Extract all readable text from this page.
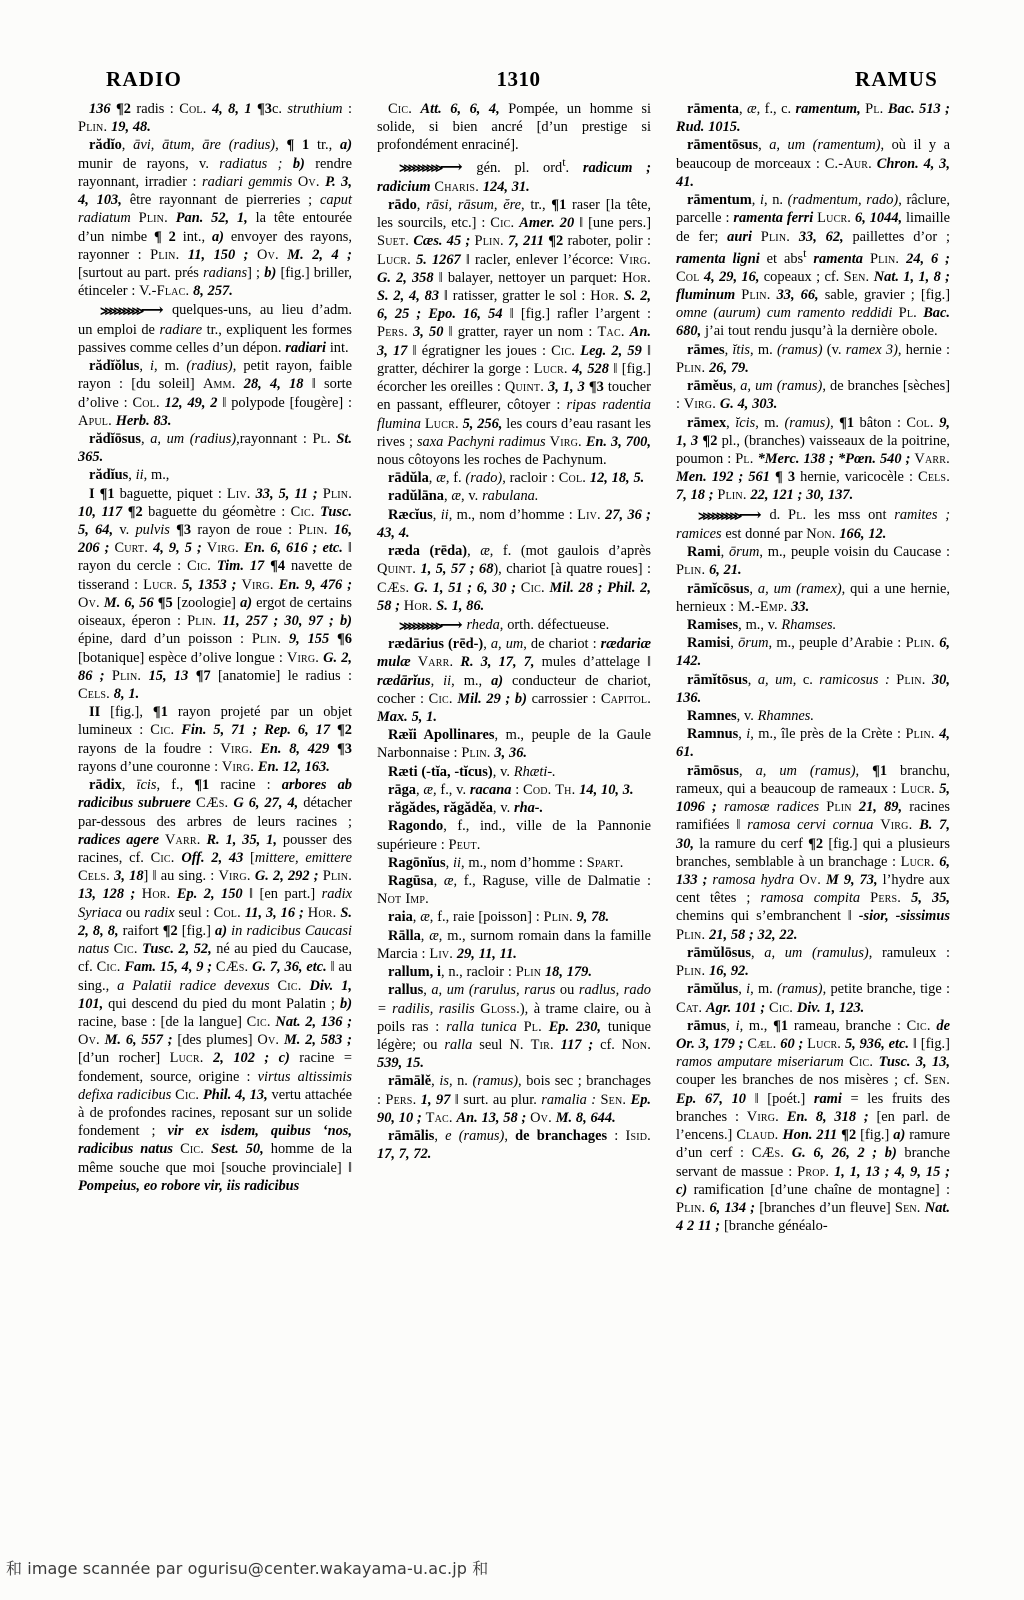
RADIO	1310	RAMUS

136 ¶2 radis : Col. 4, 8, 1 ¶3c. struthium : Plin. 19, 48.

rădĭo, āvi, ātum, āre (radius), ¶ 1 tr., a) munir de rayons, v. radiatus ; b) rendre rayonnant, irradier : radiari gemmis Ov. P. 3, 4, 103, être rayonnant de pierreries ; caput radiatum Plin. Pan. 52, 1, la tête entourée d’un nimbe ¶ 2 int., a) envoyer des rayons, rayonner : Plin. 11, 150 ; Ov. M. 2, 4 ; [surtout au part. prés radians] ; b) [fig.] briller, étinceler : V.-Flac. 8, 257.

⋙⋙⋙⟶ quelques-uns, au lieu d’adm. un emploi de radiare tr., expliquent les formes passives comme celles d’un dépon. radiari int.

rădĭŏlus, i, m. (radius), petit rayon, faible rayon : [du soleil] Amm. 28, 4, 18 ‖ sorte d’olive : Col. 12, 49, 2 ‖ polypode [fougère] : Apul. Herb. 83.

rădĭōsus, a, um (radius),rayonnant : Pl. St. 365.

rădĭus, ii, m.,

I ¶1 baguette, piquet : Liv. 33, 5, 11 ; Plin. 10, 117 ¶2 baguette du géomètre : Cic. Tusc. 5, 64, v. pulvis ¶3 rayon de roue : Plin. 16, 206 ; Curt. 4, 9, 5 ; Virg. En. 6, 616 ; etc. ‖ rayon du cercle : Cic. Tim. 17 ¶4 navette de tisserand : Lucr. 5, 1353 ; Virg. En. 9, 476 ; Ov. M. 6, 56 ¶5 [zoologie] a) ergot de certains oiseaux, éperon : Plin. 11, 257 ; 30, 97 ; b) épine, dard d’un poisson : Plin. 9, 155 ¶6 [botanique] espèce d’olive longue : Virg. G. 2, 86 ; Plin. 15, 13 ¶7 [anatomie] le radius : Cels. 8, 1.

II [fig.], ¶1 rayon projeté par un objet lumineux : Cic. Fin. 5, 71 ; Rep. 6, 17 ¶2 rayons de la foudre : Virg. En. 8, 429 ¶3 rayons d’une couronne : Virg. En. 12, 163.

rādix, īcis, f., ¶1 racine : arbores ab radicibus subruere CÆs. G 6, 27, 4, détacher par-dessous des arbres de leurs racines ; radices agere Varr. R. 1, 35, 1, pousser des racines, cf. Cic. Off. 2, 43 [mittere, emittere Cels. 3, 18] ‖ au sing. : Virg. G. 2, 292 ; Plin. 13, 128 ; Hor. Ep. 2, 150 ‖ [en part.] radix Syriaca ou radix seul : Col. 11, 3, 16 ; Hor. S. 2, 8, 8, raifort ¶2 [fig.] a) in radicibus Caucasi natus Cic. Tusc. 2, 52, né au pied du Caucase, cf. Cic. Fam. 15, 4, 9 ; CÆs. G. 7, 36, etc. ‖ au sing., a Palatii radice devexus Cic. Div. 1, 101, qui descend du pied du mont Palatin ; b) racine, base : [de la langue] Cic. Nat. 2, 136 ; Ov. M. 6, 557 ; [des plumes] Ov. M. 2, 583 ; [d’un rocher] Lucr. 2, 102 ; c) racine = fondement, source, origine : virtus altissimis defixa radicibus Cic. Phil. 4, 13, vertu attachée à de profondes racines, reposant sur un solide fondement ; vir ex isdem, quibus ‘nos, radicibus natus Cic. Sest. 50, homme de la même souche que moi [souche provinciale] ‖ Pompeius, eo robore vir, iis radicibus

Cic. Att. 6, 6, 4, Pompée, un homme si solide, si bien ancré [d’un prestige si profondément enraciné].

⋙⋙⋙⟶ gén. pl. ord$^t$. radicum ; radicium Charis. 124, 31.

rādo, rāsi, rāsum, ĕre, tr., ¶1 raser [la tête, les sourcils, etc.] : Cic. Amer. 20 ‖ [une pers.] Suet. Cæs. 45 ; Plin. 7, 211 ¶2 raboter, polir : Lucr. 5. 1267 ‖ racler, enlever l’écorce: Virg. G. 2, 358 ‖ balayer, nettoyer un parquet: Hor. S. 2, 4, 83 ‖ ratisser, gratter le sol : Hor. S. 2, 6, 25 ; Epo. 16, 54 ‖ [fig.] rafler l’argent : Pers. 3, 50 ‖ gratter, rayer un nom : Tac. An. 3, 17 ‖ égratigner les joues : Cic. Leg. 2, 59 ‖ gratter, déchirer la gorge : Lucr. 4, 528 ‖ [fig.] écorcher les oreilles : Quint. 3, 1, 3 ¶3 toucher en passant, effleurer, côtoyer : ripas radentia flumina Lucr. 5, 256, les cours d’eau rasant les rives ; saxa Pachyni radimus Virg. En. 3, 700, nous côtoyons les roches de Pachynum.

rādŭla, æ, f. (rado), racloir : Col. 12, 18, 5.

radŭlāna, æ, v. rabulana.

Ræcĭus, ii, m., nom d’homme : Liv. 27, 36 ; 43, 4.

ræda (rēda), æ, f. (mot gaulois d’après Quint. 1, 5, 57 ; 68), chariot [à quatre roues] : CÆs. G. 1, 51 ; 6, 30 ; Cic. Mil. 28 ; Phil. 2, 58 ; Hor. S. 1, 86.

⋙⋙⋙⟶ rheda, orth. défectueuse.

rædārius (rēd-), a, um, de chariot : rædariæ mulæ Varr. R. 3, 17, 7, mules d’attelage ‖ rædārĭus, ii, m., a) conducteur de chariot, cocher : Cic. Mil. 29 ; b) carrossier : Capitol. Max. 5, 1.

Ræĭi Apollinares, m., peuple de la Gaule Narbonnaise : Plin. 3, 36.

Ræti (-tĭa, -tĭcus), v. Rhæti-.

rāga, æ, f., v. racana : Cod. Th. 14, 10, 3.

răgădes, răgăděa, v. rha-.

Ragondo, f., ind., ville de la Pannonie supérieure : Peut.

Ragōnĭus, ii, m., nom d’homme : Spart.

Ragūsa, æ, f., Raguse, ville de Dalmatie : Not Imp.

raia, æ, f., raie [poisson] : Plin. 9, 78.

Rālla, æ, m., surnom romain dans la famille Marcia : Liv. 29, 11, 11.

rallum, i, n., racloir : Plin 18, 179.

rallus, a, um (rarulus, rarus ou radlus, rado = radilis, rasilis Gloss.), à trame claire, ou à poils ras : ralla tunica Pl. Ep. 230, tunique légère; ou ralla seul N. Tir. 117 ; cf. Non. 539, 15.

rāmālě, is, n. (ramus), bois sec ; branchages : Pers. 1, 97 ‖ surt. au plur. ramalia : Sen. Ep. 90, 10 ; Tac. An. 13, 58 ; Ov. M. 8, 644.

rāmālis, e (ramus), de branchages : Isid. 17, 7, 72.

rāmenta, æ, f., c. ramentum, Pl. Bac. 513 ; Rud. 1015.

rāmentōsus, a, um (ramentum), où il y a beaucoup de morceaux : C.-Aur. Chron. 4, 3, 41.

rāmentum, i, n. (radmentum, rado), râclure, parcelle : ramenta ferri Lucr. 6, 1044, limaille de fer; auri Plin. 33, 62, paillettes d’or ; ramenta ligni et abs$^t$ ramenta Plin. 24, 6 ; Col 4, 29, 16, copeaux ; cf. Sen. Nat. 1, 1, 8 ; fluminum Plin. 33, 66, sable, gravier ; [fig.] omne (aurum) cum ramento reddidi Pl. Bac. 680, j’ai tout rendu jusqu’à la dernière obole.

rāmes, ĭtis, m. (ramus) (v. ramex 3), hernie : Plin. 26, 79.

rāměus, a, um (ramus), de branches [sèches] : Virg. G. 4, 303.

rāmex, ĭcis, m. (ramus), ¶1 bâton : Col. 9, 1, 3 ¶2 pl., (branches) vaisseaux de la poitrine, poumon : Pl. *Merc. 138 ; *Pœn. 540 ; Varr. Men. 192 ; 561 ¶ 3 hernie, varicocèle : Cels. 7, 18 ; Plin. 22, 121 ; 30, 137.

⋙⋙⋙⟶ d. Pl. les mss ont ramites ; ramices est donné par Non. 166, 12.

Rami, ōrum, m., peuple voisin du Caucase : Plin. 6, 21.

rāmĭcōsus, a, um (ramex), qui a une hernie, hernieux : M.-Emp. 33.

Ramises, m., v. Rhamses.

Ramisi, ōrum, m., peuple d’Arabie : Plin. 6, 142.

rāmĭtōsus, a, um, c. ramicosus : Plin. 30, 136.

Ramnes, v. Rhamnes.

Ramnus, i, m., île près de la Crète : Plin. 4, 61.

rāmōsus, a, um (ramus), ¶1 branchu, rameux, qui a beaucoup de rameaux : Lucr. 5, 1096 ; ramosæ radices Plin 21, 89, racines ramifiées ‖ ramosa cervi cornua Virg. B. 7, 30, la ramure du cerf ¶2 [fig.] qui a plusieurs branches, semblable à un branchage : Lucr. 6, 133 ; ramosa hydra Ov. M 9, 73, l’hydre aux cent têtes ; ramosa compita Pers. 5, 35, chemins qui s’embranchent ‖ -sior, -sissimus Plin. 21, 58 ; 32, 22.

rāmŭlōsus, a, um (ramulus), ramuleux : Plin. 16, 92.

rāmŭlus, i, m. (ramus), petite branche, tige : Cat. Agr. 101 ; Cic. Div. 1, 123.

rāmus, i, m., ¶1 rameau, branche : Cic. de Or. 3, 179 ; Cæl. 60 ; Lucr. 5, 936, etc. ‖ [fig.] ramos amputare miseriarum Cic. Tusc. 3, 13, couper les branches de nos misères ; cf. Sen. Ep. 67, 10 ‖ [poét.] rami = les fruits des branches : Virg. En. 8, 318 ; [en parl. de l’encens.] Claud. Hon. 211 ¶2 [fig.] a) ramure d’un cerf : CÆs. G. 6, 26, 2 ; b) branche servant de massue : Prop. 1, 1, 13 ; 4, 9, 15 ; c) ramification [d’une chaîne de montagne] : Plin. 6, 134 ; [branches d’un fleuve] Sen. Nat. 4 2 11 ; [branche généalo-

和 image scannée par ogurisu@center.wakayama-u.ac.jp 和
